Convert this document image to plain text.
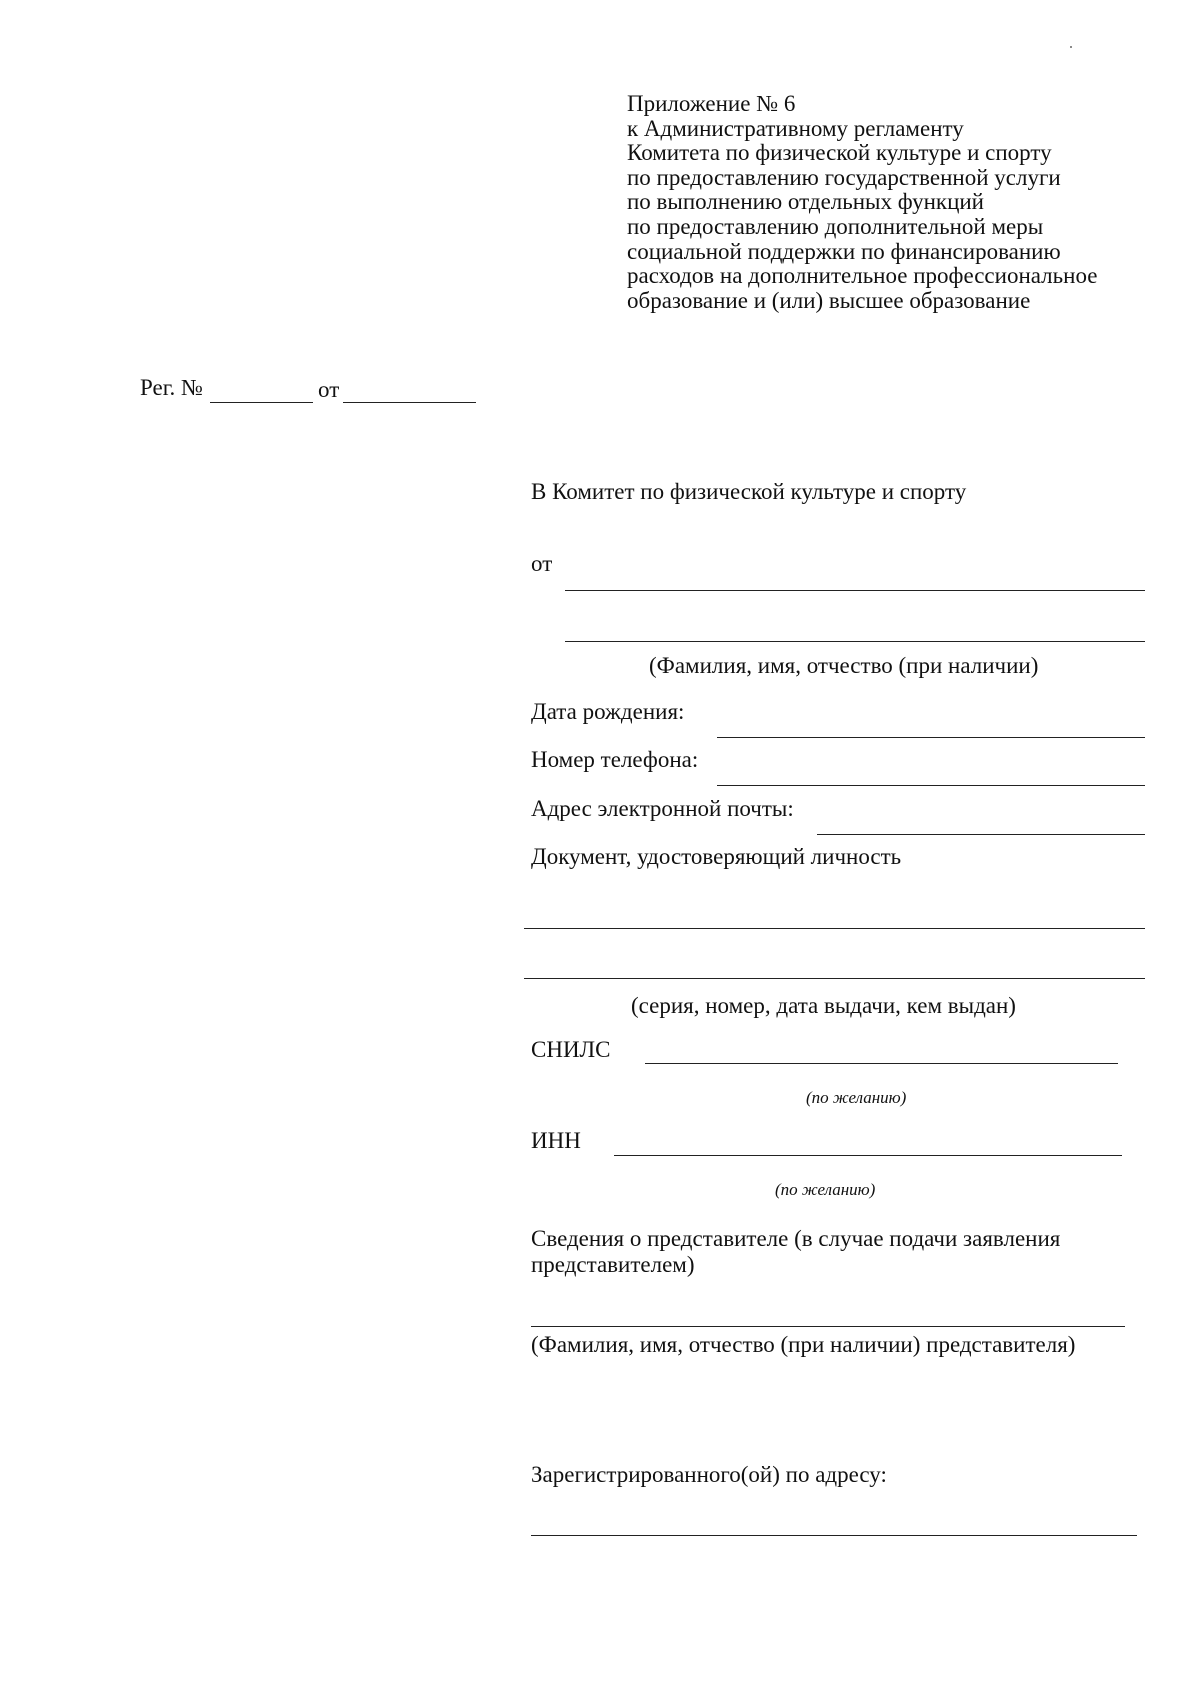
Приложение № 6
к Административному регламенту
Комитета по физической культуре и спорту
по предоставлению государственной услуги
по выполнению отдельных функций
по предоставлению дополнительной меры
социальной поддержки по финансированию
расходов на дополнительное профессиональное
образование и (или) высшее образование
Рег. №	от
В Комитет по физической культуре и спорту
от
(Фамилия, имя, отчество (при наличии)
Дата рождения:
Номер телефона:
Адрес электронной почты:
Документ, удостоверяющий личность
(серия, номер, дата выдачи, кем выдан)
СНИЛС
(по желанию)
ИНН
(по желанию)
Сведения о представителе (в случае подачи заявления
представителем)
(Фамилия, имя, отчество (при наличии) представителя)
Зарегистрированного(ой) по адресу:
